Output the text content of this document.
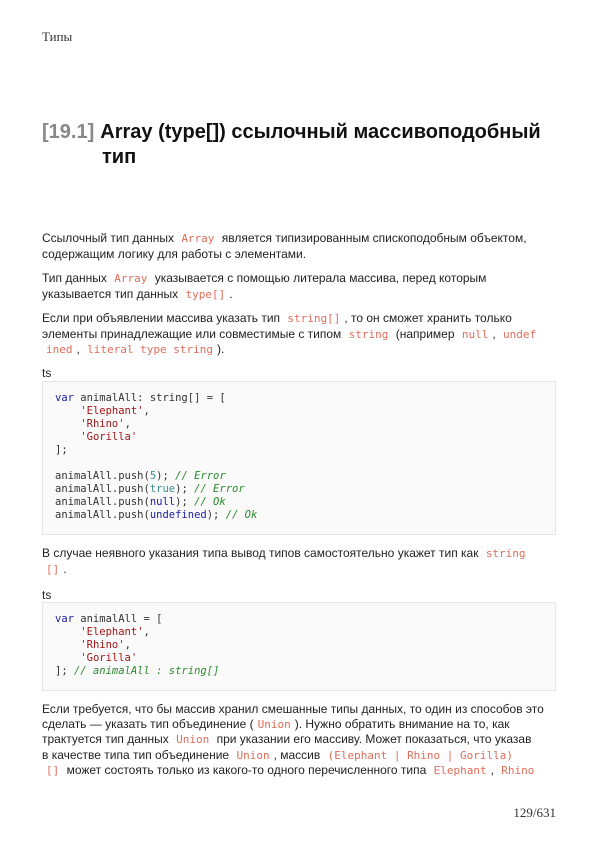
Типы
[19.1] Array (type[]) ссылочный массивоподобный
тип
Ссылочный тип данных Array является типизированным спископодобным объектом,
содержащим логику для работы с элементами.
Тип данных Array указывается с помощью литерала массива, перед которым
указывается тип данных type[] .
Если при объявлении массива указать тип string[] , то он сможет хранить только
элементы принадлежащие или совместимые с типом string (например null , undef
ined , literal type string ).
ts
var animalAll: string[] = [
'Elephant',
'Rhino',
'Gorilla'
];
animalAll.push(5); // Error
animalAll.push(true); // Error
animalAll.push(null); // Ok
animalAll.push(undefined); // Ok
В случае неявного указания типа вывод типов самостоятельно укажет тип как string
[] .
ts
var animalAll = [
'Elephant',
'Rhino',
'Gorilla'
]; // animalAll : string[]
Если требуется, что бы массив хранил смешанные типы данных, то один из способов это
сделать — указать тип объединение ( Union ). Нужно обратить внимание на то, как
трактуется тип данных Union при указании его массиву. Может показаться, что указав
в качестве типа тип объединение Union , массив (Elephant | Rhino | Gorilla)
[] может состоять только из какого-то одного перечисленного типа Elephant , Rhino
129/631
